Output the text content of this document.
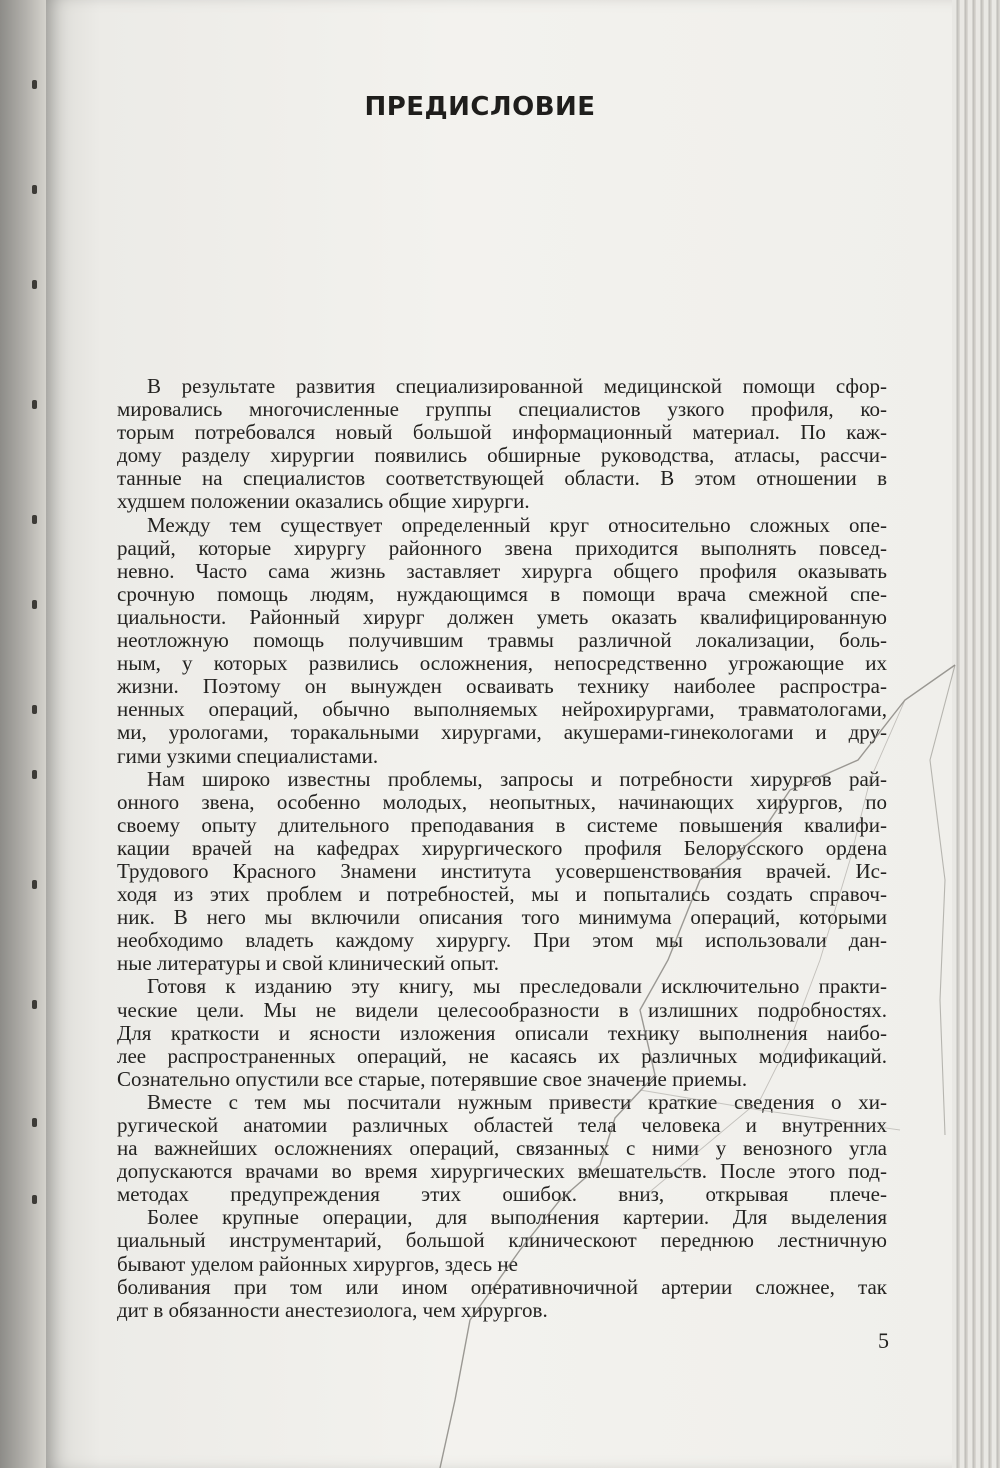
ПРЕДИСЛОВИЕ
В результате развития специализированной медицинской помощи сфор-
мировались многочисленные группы специалистов узкого профиля, ко-
торым потребовался новый большой информационный материал. По каж-
дому разделу хирургии появились обширные руководства, атласы, рассчи-
танные на специалистов соответствующей области. В этом отношении в
худшем положении оказались общие хирурги.
Между тем существует определенный круг относительно сложных опе-
раций, которые хирургу районного звена приходится выполнять повсед-
невно. Часто сама жизнь заставляет хирурга общего профиля оказывать
срочную помощь людям, нуждающимся в помощи врача смежной спе-
циальности. Районный хирург должен уметь оказать квалифицированную
неотложную помощь получившим травмы различной локализации, боль-
ным, у которых развились осложнения, непосредственно угрожающие их
жизни. Поэтому он вынужден осваивать технику наиболее распростра-
ненных операций, обычно выполняемых нейрохирургами, травматологами,
ми, урологами, торакальными хирургами, акушерами-гинекологами и дру-
гими узкими специалистами.
Нам широко известны проблемы, запросы и потребности хирургов рай-
онного звена, особенно молодых, неопытных, начинающих хирургов, по
своему опыту длительного преподавания в системе повышения квалифи-
кации врачей на кафедрах хирургического профиля Белорусского ордена
Трудового Красного Знамени института усовершенствования врачей. Ис-
ходя из этих проблем и потребностей, мы и попытались создать справоч-
ник. В него мы включили описания того минимума операций, которыми
необходимо владеть каждому хирургу. При этом мы использовали дан-
ные литературы и свой клинический опыт.
Готовя к изданию эту книгу, мы преследовали исключительно практи-
ческие цели. Мы не видели целесообразности в излишних подробностях.
Для краткости и ясности изложения описали технику выполнения наибо-
лее распространенных операций, не касаясь их различных модификаций.
Сознательно опустили все старые, потерявшие свое значение приемы.
Вместе с тем мы посчитали нужным привести краткие сведения о хи-
ругической анатомии различных областей тела человека и внутренних
на важнейших осложнениях операций, связанных с ними у венозного угла
допускаются врачами во время хирургических вмешательств. После этого под-
методах предупреждения этих ошибок. вниз, открывая плече-
Более крупные операции, для выполнения картерии. Для выделения
циальный инструментарий, большой клиническоют переднюю лестничную
бывают уделом районных хирургов, здесь не
боливания при том или ином оперативночичной артерии сложнее, так
дит в обязанности анестезиолога, чем хирургов.
5
